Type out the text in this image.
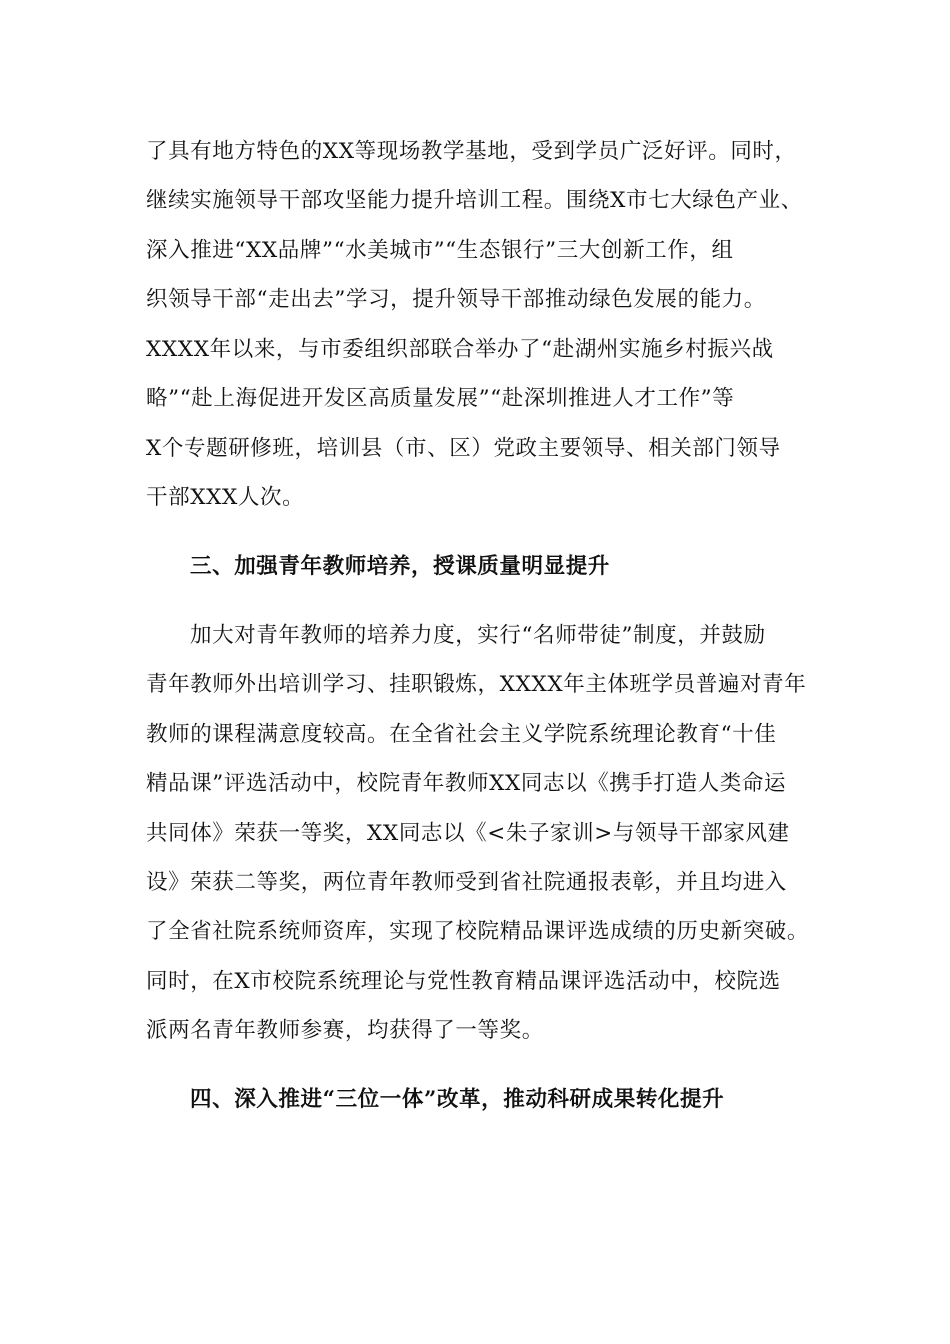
了具有地方特色的XX等现场教学基地，受到学员广泛好评。同时，
继续实施领导干部攻坚能力提升培训工程。围绕X市七大绿色产业、
深入推进“XX品牌”“水美城市”“生态银行”三大创新工作，组
织领导干部“走出去”学习，提升领导干部推动绿色发展的能力。
XXXX年以来，与市委组织部联合举办了“赴湖州实施乡村振兴战
略”“赴上海促进开发区高质量发展”“赴深圳推进人才工作”等
X个专题研修班，培训县（市、区）党政主要领导、相关部门领导
干部XXX人次。
三、加强青年教师培养，授课质量明显提升
加大对青年教师的培养力度，实行“名师带徒”制度，并鼓励
青年教师外出培训学习、挂职锻炼，XXXX年主体班学员普遍对青年
教师的课程满意度较高。在全省社会主义学院系统理论教育“十佳
精品课”评选活动中，校院青年教师XX同志以《携手打造人类命运
共同体》荣获一等奖，XX同志以《<朱子家训>与领导干部家风建
设》荣获二等奖，两位青年教师受到省社院通报表彰，并且均进入
了全省社院系统师资库，实现了校院精品课评选成绩的历史新突破。
同时，在X市校院系统理论与党性教育精品课评选活动中，校院选
派两名青年教师参赛，均获得了一等奖。
四、深入推进“三位一体”改革，推动科研成果转化提升
